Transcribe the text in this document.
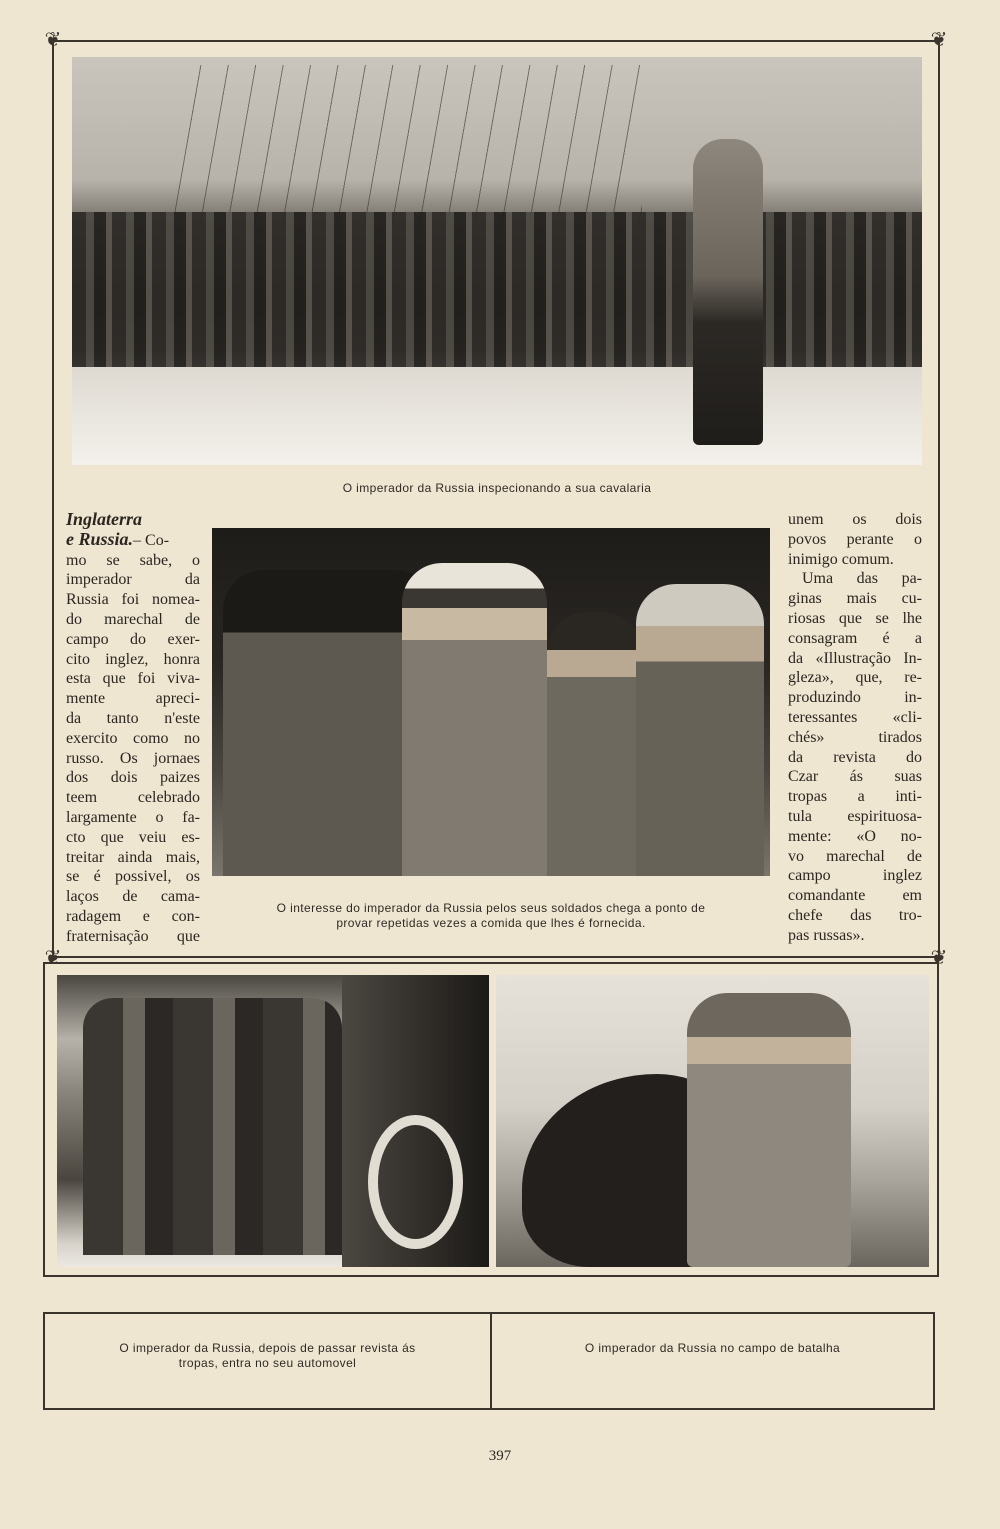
❦	❦
❦	❦
O imperador da Russia inspecionando a sua cavalaria
Inglaterra
e Russia.– Co-
mo se sabe, o
imperador da
Russia foi nomea-
do marechal de
campo do exer-
cito inglez, honra
esta que foi viva-
mente apreci-
da tanto n'este
exercito como no
russo. Os jornaes
dos dois paizes
teem celebrado
largamente o fa-
cto que veiu es-
treitar ainda mais,
se é possivel, os
laços de cama-
radagem e con-
fraternisação que
O interesse do imperador da Russia pelos seus soldados chega a ponto de
provar repetidas vezes a comida que lhes é fornecida.
unem os dois
povos perante o
inimigo comum.
Uma das pa-
ginas mais cu-
riosas que se lhe
consagram é a
da «Illustração In-
gleza», que, re-
produzindo in-
teressantes «cli-
chés» tirados
da revista do
Czar ás suas
tropas a inti-
tula espirituosa-
mente: «O no-
vo marechal de
campo inglez
comandante em
chefe das tro-
pas russas».
O imperador da Russia, depois de passar revista ás
tropas, entra no seu automovel
O imperador da Russia no campo de batalha
397
